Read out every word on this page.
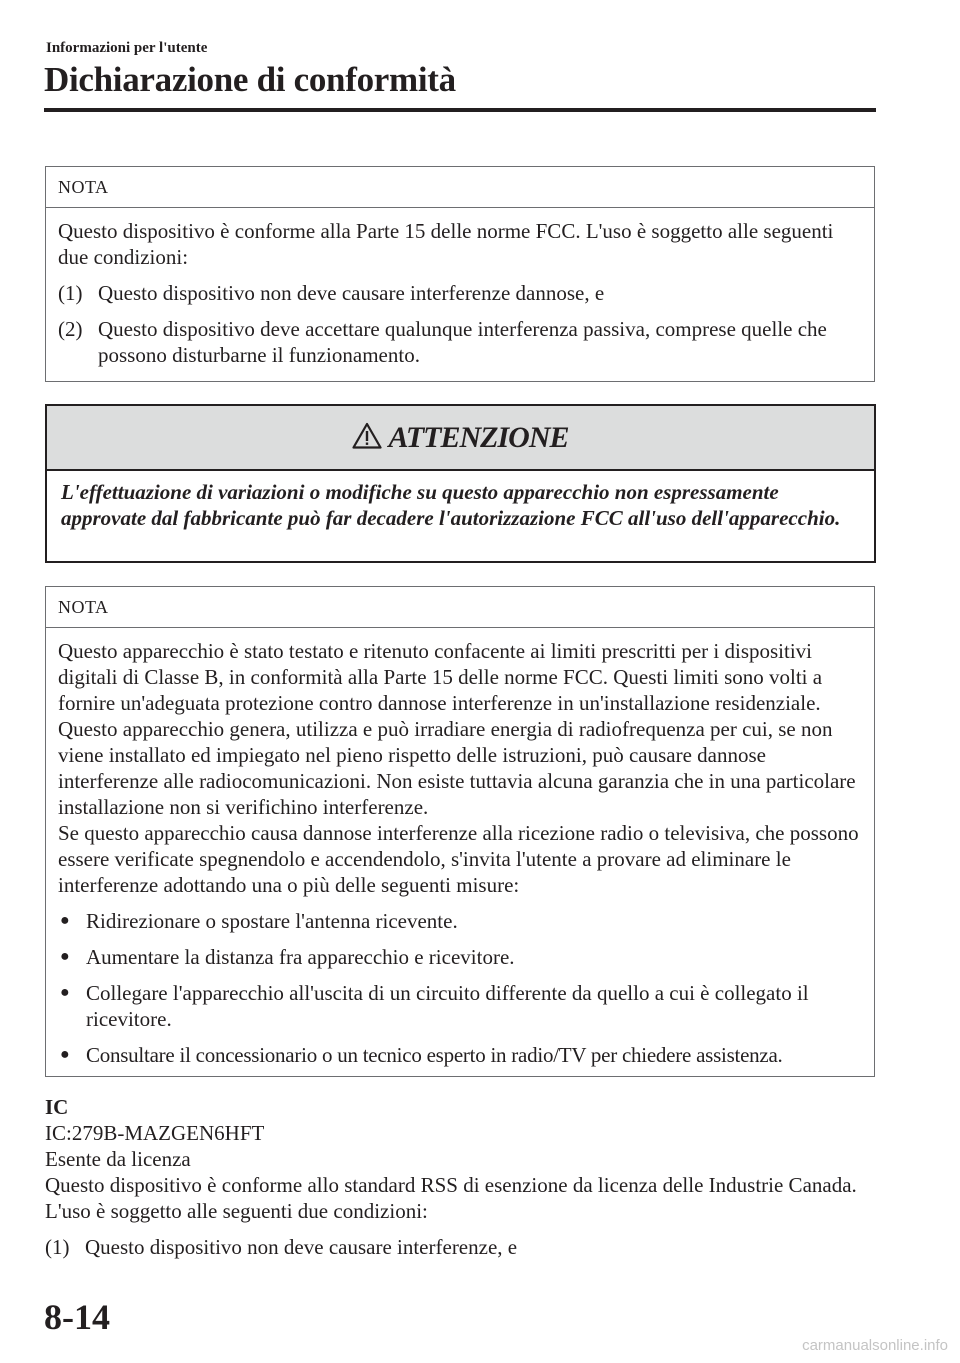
Informazioni per l'utente
Dichiarazione di conformità
NOTA

Questo dispositivo è conforme alla Parte 15 delle norme FCC. L'uso è soggetto alle seguenti due condizioni:

(1) Questo dispositivo non deve causare interferenze dannose, e
(2) Questo dispositivo deve accettare qualunque interferenza passiva, comprese quelle che possono disturbarne il funzionamento.
ATTENZIONE
L'effettuazione di variazioni o modifiche su questo apparecchio non espressamente approvate dal fabbricante può far decadere l'autorizzazione FCC all'uso dell'apparecchio.
NOTA

Questo apparecchio è stato testato e ritenuto confacente ai limiti prescritti per i dispositivi digitali di Classe B, in conformità alla Parte 15 delle norme FCC. Questi limiti sono volti a fornire un'adeguata protezione contro dannose interferenze in un'installazione residenziale. Questo apparecchio genera, utilizza e può irradiare energia di radiofrequenza per cui, se non viene installato ed impiegato nel pieno rispetto delle istruzioni, può causare dannose interferenze alle radiocomunicazioni. Non esiste tuttavia alcuna garanzia che in una particolare installazione non si verifichino interferenze.

Se questo apparecchio causa dannose interferenze alla ricezione radio o televisiva, che possono essere verificate spegnendolo e accendendolo, s'invita l'utente a provare ad eliminare le interferenze adottando una o più delle seguenti misure:

● Ridirezionare o spostare l'antenna ricevente.
● Aumentare la distanza fra apparecchio e ricevitore.
● Collegare l'apparecchio all'uscita di un circuito differente da quello a cui è collegato il ricevitore.
● Consultare il concessionario o un tecnico esperto in radio/TV per chiedere assistenza.

IC

IC:279B-MAZGEN6HFT

Esente da licenza

Questo dispositivo è conforme allo standard RSS di esenzione da licenza delle Industrie Canada. L'uso è soggetto alle seguenti due condizioni:

(1) Questo dispositivo non deve causare interferenze, e
8-14
carmanualsonline.info
